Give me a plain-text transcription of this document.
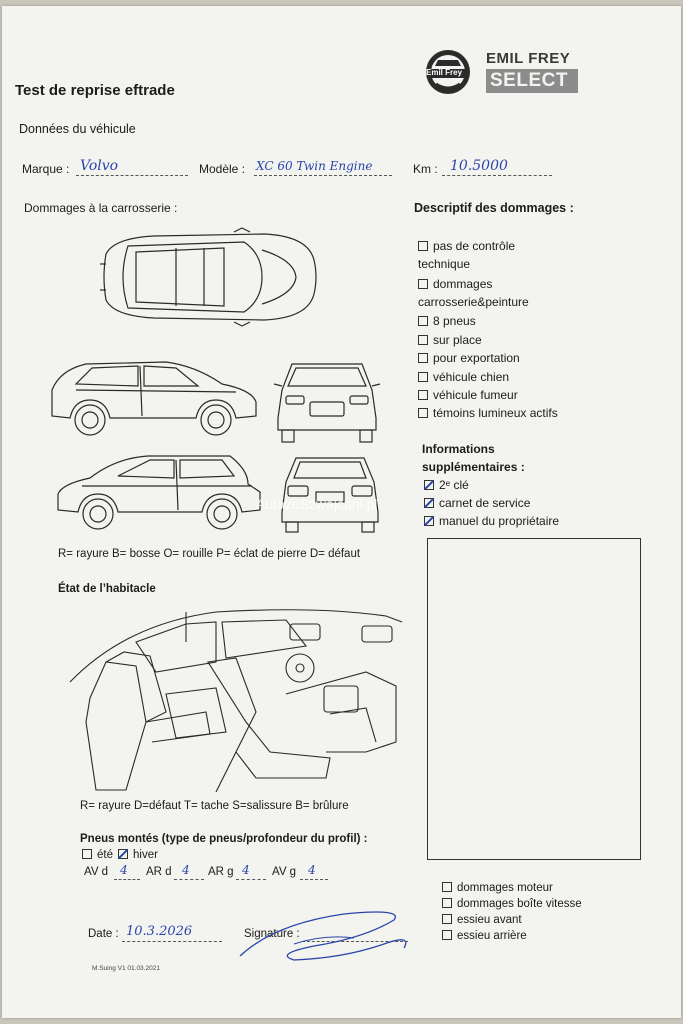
Test de reprise eftrade
Emil Frey
EMIL FREY
SELECT
Données du véhicule
Marque : Volvo	Modèle : XC 60 Twin Engine	Km : 10.5000
Dommages à la carrosserie :
AutazeSzwajcarii.pl
R= rayure B= bosse O= rouille P= éclat de pierre D= défaut
Descriptif des dommages :
pas de contrôle
technique
dommages
carrosserie&peinture
8 pneus
sur place
pour exportation
véhicule chien
véhicule fumeur
témoins lumineux actifs
Informations
supplémentaires :
2ᵉ clé
carnet de service
manuel du propriétaire
État de l’habitacle
R= rayure D=défaut T= tache S=salissure B= brûlure
Pneus montés (type de pneus/profondeur du profil) :
été	hiver
AV d 4 AR d 4 AR g 4 AV g 4
dommages moteur
dommages boîte vitesse
essieu avant
essieu arrière
Date : 10.3.2026	Signature :
M.Suing V1 01.03.2021
